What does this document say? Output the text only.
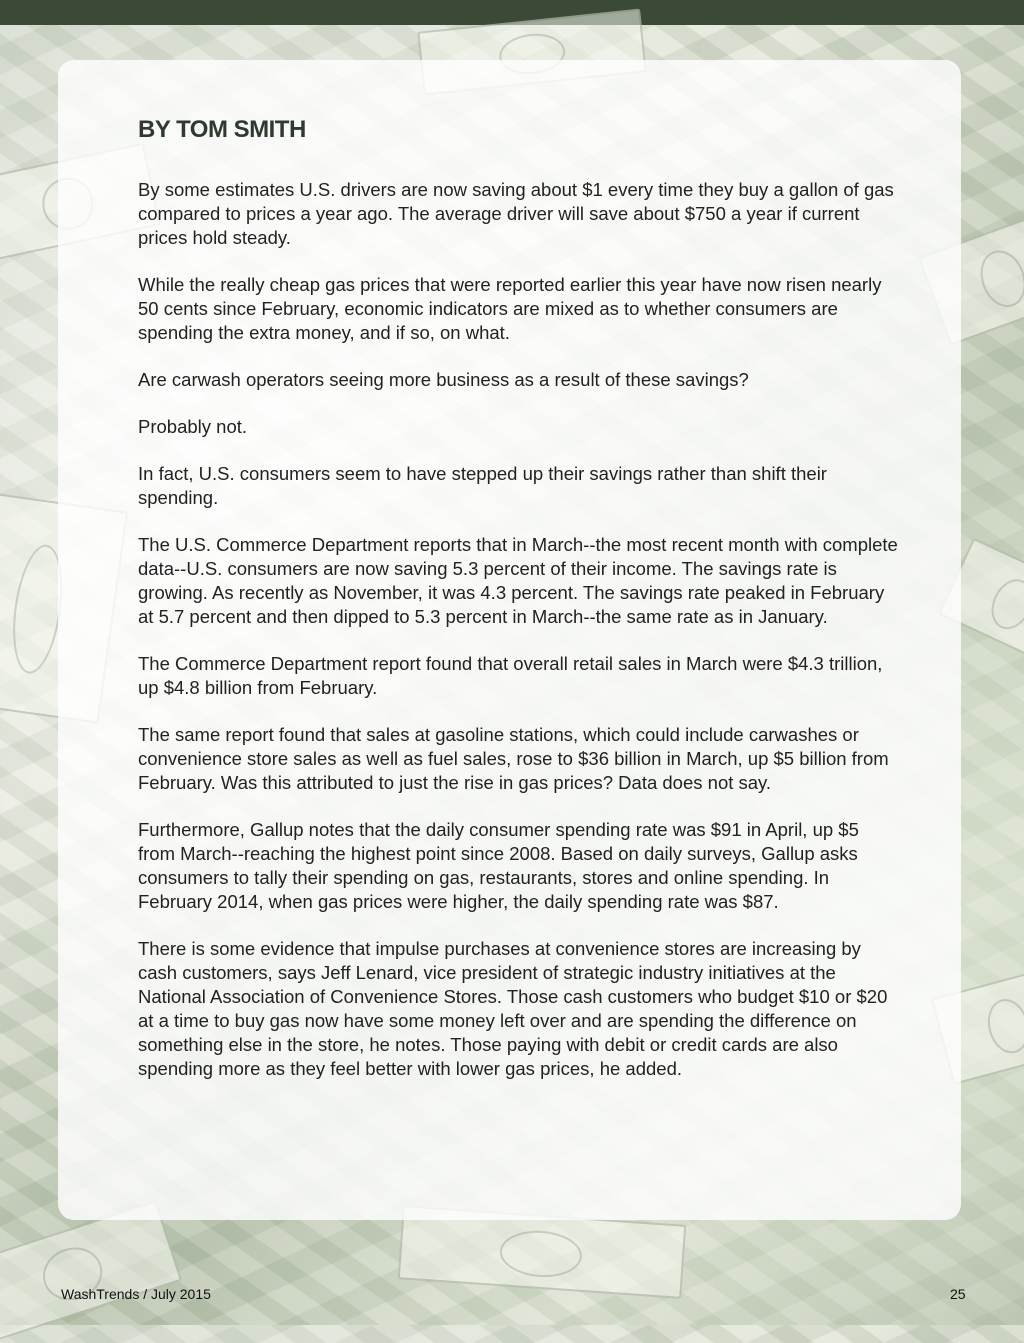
BY TOM SMITH

By some estimates U.S. drivers are now saving about $1 every time they buy a gallon of gas compared to prices a year ago. The average driver will save about $750 a year if current prices hold steady.

While the really cheap gas prices that were reported earlier this year have now risen nearly 50 cents since February, economic indicators are mixed as to whether consumers are spending the extra money, and if so, on what.

Are carwash operators seeing more business as a result of these savings?

Probably not.

In fact, U.S. consumers seem to have stepped up their savings rather than shift their spending.

The U.S. Commerce Department reports that in March--the most recent month with complete data--U.S. consumers are now saving 5.3 percent of their income. The savings rate is growing. As recently as November, it was 4.3 percent. The savings rate peaked in February at 5.7 percent and then dipped to 5.3 percent in March--the same rate as in January.

The Commerce Department report found that overall retail sales in March were $4.3 trillion, up $4.8 billion from February.

The same report found that sales at gasoline stations, which could include carwashes or convenience store sales as well as fuel sales, rose to $36 billion in March, up $5 billion from February. Was this attributed to just the rise in gas prices? Data does not say.

Furthermore, Gallup notes that the daily consumer spending rate was $91 in April, up $5 from March--reaching the highest point since 2008. Based on daily surveys, Gallup asks consumers to tally their spending on gas, restaurants, stores and online spending. In February 2014, when gas prices were higher, the daily spending rate was $87.

There is some evidence that impulse purchases at convenience stores are increasing by cash customers, says Jeff Lenard, vice president of strategic industry initiatives at the National Association of Convenience Stores. Those cash customers who budget $10 or $20 at a time to buy gas now have some money left over and are spending the difference on something else in the store, he notes. Those paying with debit or credit cards are also spending more as they feel better with lower gas prices, he added.

WashTrends / July 2015	25
